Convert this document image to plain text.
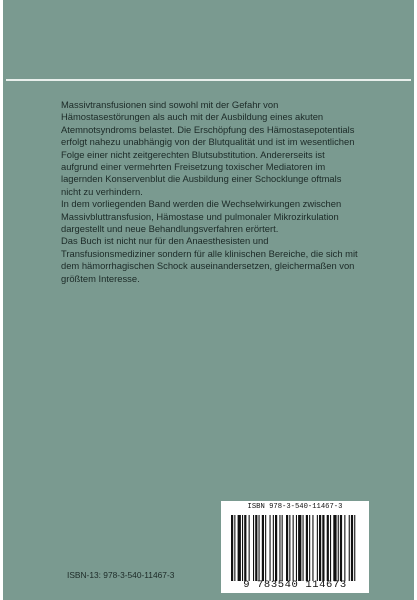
Massivtransfusionen sind sowohl mit der Gefahr von Hämostasestörungen als auch mit der Ausbildung eines akuten Atemnotsyndroms belastet. Die Erschöpfung des Hämostasepotentials erfolgt nahezu unabhängig von der Blutqualität und ist im wesentlichen Folge einer nicht zeitgerechten Blutsubstitution. Andererseits ist aufgrund einer vermehrten Freisetzung toxischer Mediatoren im lagernden Konservenblut die Ausbildung einer Schocklunge oftmals nicht zu verhindern.

In dem vorliegenden Band werden die Wechselwirkungen zwischen Massivbluttransfusion, Hämostase und pulmonaler Mikrozirkulation dargestellt und neue Behandlungsverfahren erörtert.

Das Buch ist nicht nur für den Anaesthesisten und Transfusionsmediziner sondern für alle klinischen Bereiche, die sich mit dem hämorrhagischen Schock auseinandersetzen, gleichermaßen von größtem Interesse.

ISBN 978-3-540-11467-3
9 783540 114673
ISBN-13: 978-3-540-11467-3
